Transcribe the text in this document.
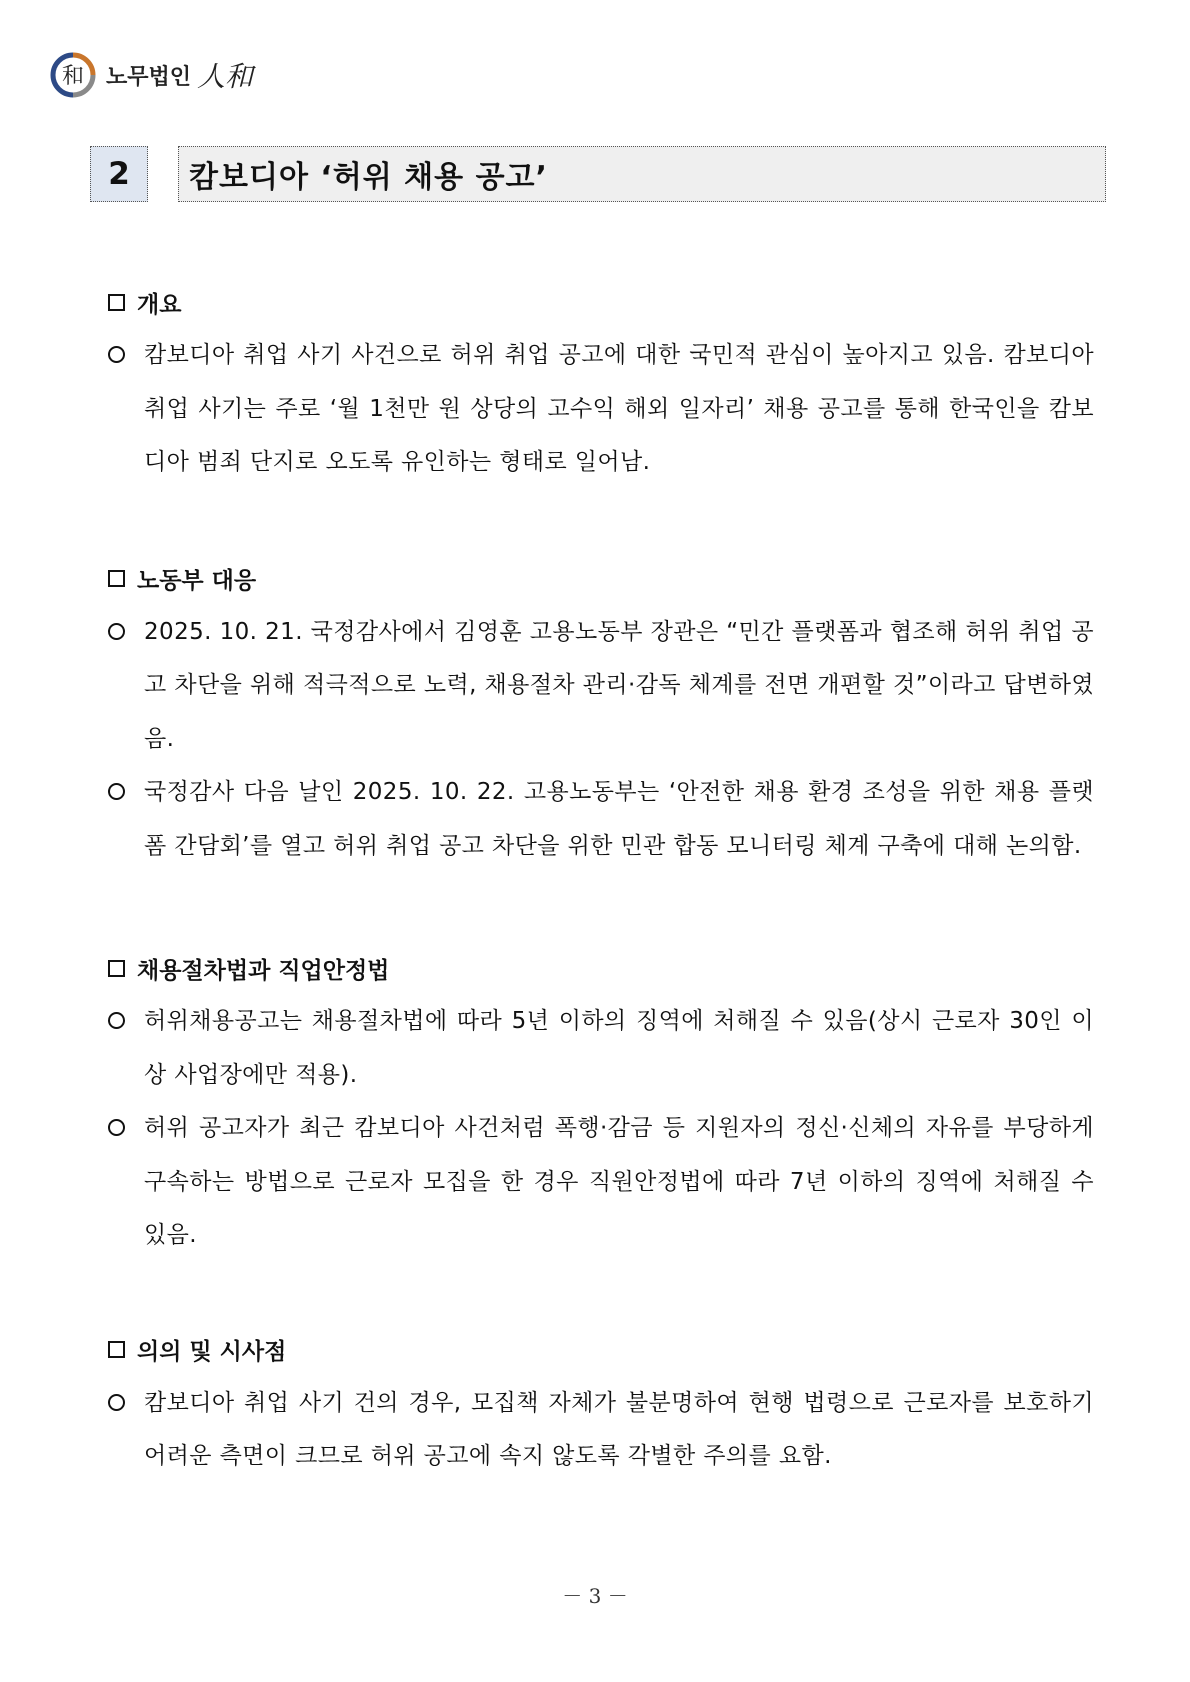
和 노무법인 人和
2	캄보디아 ‘허위 채용 공고’
개요
캄보디아 취업 사기 사건으로 허위 취업 공고에 대한 국민적 관심이 높아지고 있음. 캄보디아 취업 사기는 주로 ‘월 1천만 원 상당의 고수익 해외 일자리’ 채용 공고를 통해 한국인을 캄보디아 범죄 단지로 오도록 유인하는 형태로 일어남.
노동부 대응
2025. 10. 21. 국정감사에서 김영훈 고용노동부 장관은 “민간 플랫폼과 협조해 허위 취업 공고 차단을 위해 적극적으로 노력, 채용절차 관리·감독 체계를 전면 개편할 것”이라고 답변하였음.
국정감사 다음 날인 2025. 10. 22. 고용노동부는 ‘안전한 채용 환경 조성을 위한 채용 플랫폼 간담회’를 열고 허위 취업 공고 차단을 위한 민관 합동 모니터링 체계 구축에 대해 논의함.
채용절차법과 직업안정법
허위채용공고는 채용절차법에 따라 5년 이하의 징역에 처해질 수 있음(상시 근로자 30인 이상 사업장에만 적용).
허위 공고자가 최근 캄보디아 사건처럼 폭행·감금 등 지원자의 정신·신체의 자유를 부당하게 구속하는 방법으로 근로자 모집을 한 경우 직원안정법에 따라 7년 이하의 징역에 처해질 수 있음.
의의 및 시사점
캄보디아 취업 사기 건의 경우, 모집책 자체가 불분명하여 현행 법령으로 근로자를 보호하기 어려운 측면이 크므로 허위 공고에 속지 않도록 각별한 주의를 요함.
－ 3 －
